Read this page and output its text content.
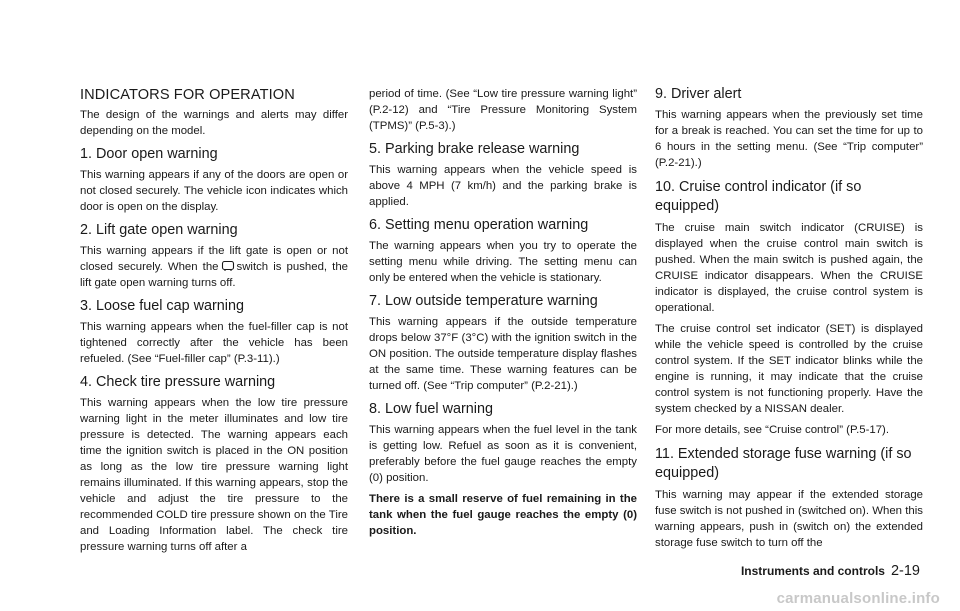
INDICATORS FOR OPERATION

The design of the warnings and alerts may differ depending on the model.

1. Door open warning

This warning appears if any of the doors are open or not closed securely. The vehicle icon indicates which door is open on the display.

2. Lift gate open warning

This warning appears if the lift gate is open or not closed securely. When the switch is pushed, the lift gate open warning turns off.

3. Loose fuel cap warning

This warning appears when the fuel-filler cap is not tightened correctly after the vehicle has been refueled. (See “Fuel-filler cap” (P.3-11).)

4. Check tire pressure warning

This warning appears when the low tire pressure warning light in the meter illuminates and low tire pressure is detected. The warning appears each time the ignition switch is placed in the ON position as long as the low tire pressure warning light remains illuminated. If this warning appears, stop the vehicle and adjust the tire pressure to the recommended COLD tire pressure shown on the Tire and Loading Information label. The check tire pressure warning turns off after a

period of time. (See “Low tire pressure warning light” (P.2-12) and “Tire Pressure Monitoring System (TPMS)” (P.5-3).)

5. Parking brake release warning

This warning appears when the vehicle speed is above 4 MPH (7 km/h) and the parking brake is applied.

6. Setting menu operation warning

The warning appears when you try to operate the setting menu while driving. The setting menu can only be entered when the vehicle is stationary.

7. Low outside temperature warning

This warning appears if the outside temperature drops below 37°F (3°C) with the ignition switch in the ON position. The outside temperature display flashes at the same time. These warning features can be turned off. (See “Trip computer” (P.2-21).)

8. Low fuel warning

This warning appears when the fuel level in the tank is getting low. Refuel as soon as it is convenient, preferably before the fuel gauge reaches the empty (0) position.

There is a small reserve of fuel remaining in the tank when the fuel gauge reaches the empty (0) position.

9. Driver alert

This warning appears when the previously set time for a break is reached. You can set the time for up to 6 hours in the setting menu. (See “Trip computer” (P.2-21).)

10. Cruise control indicator (if so equipped)

The cruise main switch indicator (CRUISE) is displayed when the cruise control main switch is pushed. When the main switch is pushed again, the CRUISE indicator disappears. When the CRUISE indicator is displayed, the cruise control system is operational.

The cruise control set indicator (SET) is displayed while the vehicle speed is controlled by the cruise control system. If the SET indicator blinks while the engine is running, it may indicate that the cruise control system is not functioning properly. Have the system checked by a NISSAN dealer.

For more details, see “Cruise control” (P.5-17).

11. Extended storage fuse warning (if so equipped)

This warning may appear if the extended storage fuse switch is not pushed in (switched on). When this warning appears, push in (switch on) the extended storage fuse switch to turn off the

Instruments and controls 2-19
carmanualsonline.info
